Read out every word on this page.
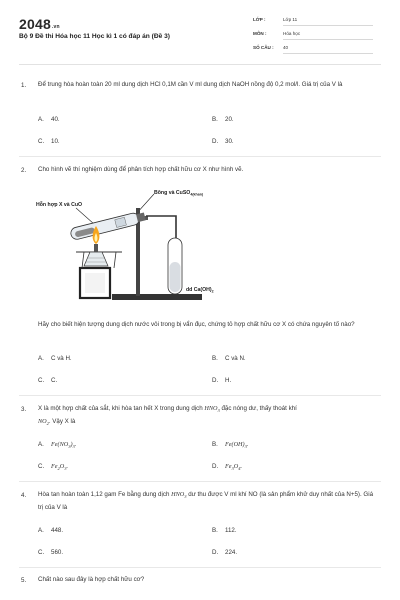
2048.vn
Bộ 9 Đề thi Hóa học 11 Học kì 1 có đáp án (Đề 3)
LỚP :	Lớp 11
MÔN :	Hóa học
SỐ CÂU : 40
1. Để trung hòa hoàn toàn 20 ml dung dịch HCl 0,1M cần V ml dung dịch NaOH nồng độ 0,2 mol/l. Giá trị của V là
A. 40.	B. 20.
C. 10.	D. 30.
2. Cho hình vẽ thí nghiệm dùng để phân tích hợp chất hữu cơ X như hình vẽ.
Hỗn hợp X và CuO
Bông và CuSO$_{4(khan)}$
dd $Ca(OH)_2$
Hãy cho biết hiện tượng dung dịch nước vôi trong bị vẩn đục, chứng tỏ hợp chất hữu cơ X có chứa nguyên tố nào?
A. C và H.	B. C và N.
C. C.	D. H.
3. X là một hợp chất của sắt, khi hòa tan hết X trong dung dịch $HNO_3$ đặc nóng dư, thấy thoát khí
$NO_2$. Vậy X là
A. $Fe(NO_3)_3$.	B. $Fe(OH)_3$.
C. $Fe_2O_3$.	D. $Fe_3O_4$.
4. Hòa tan hoàn toàn 1,12 gam Fe bằng dung dịch $HNO_3$ dư thu được V ml khí NO (là sản phẩm khử duy nhất của N+5). Giá trị của V là
A. 448.	B. 112.
C. 560.	D. 224.
5. Chất nào sau đây là hợp chất hữu cơ?
